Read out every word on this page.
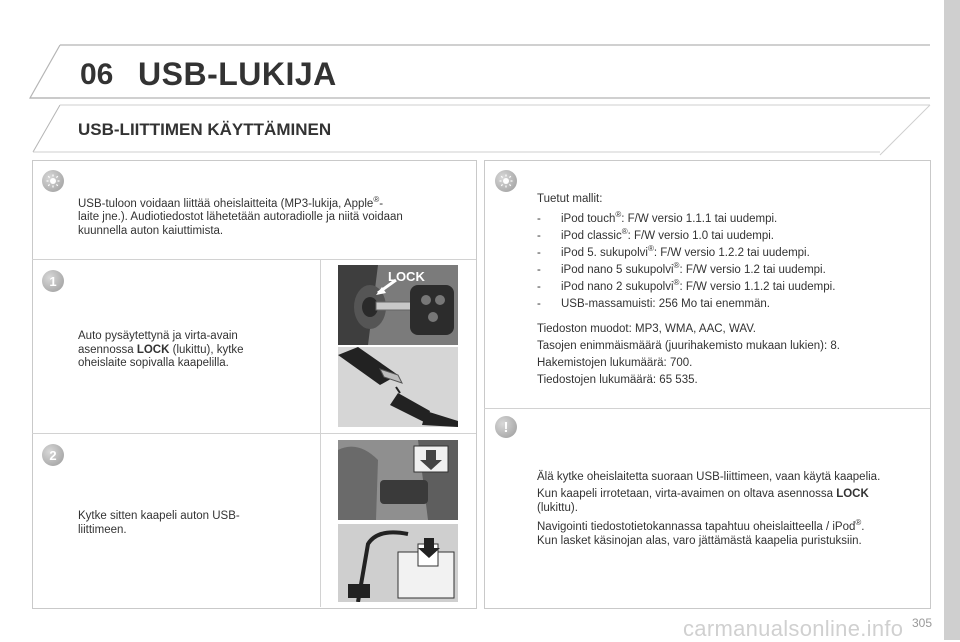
06 USB-LUKIJA
USB-LIITTIMEN KÄYTTÄMINEN
USB-tuloon voidaan liittää oheislaitteita (MP3-lukija, Apple®-
laite jne.). Audiotiedostot lähetetään autoradiolle ja niitä voidaan
kuunnella auton kaiuttimista.
1
Auto pysäytettynä ja virta-avain
asennossa LOCK (lukittu), kytke
oheislaite sopivalla kaapelilla.
LOCK
2
Kytke sitten kaapeli auton USB-
liittimeen.
Tuetut mallit:
- iPod touch®: F/W versio 1.1.1 tai uudempi.
- iPod classic®: F/W versio 1.0 tai uudempi.
- iPod 5. sukupolvi®: F/W versio 1.2.2 tai uudempi.
- iPod nano 5 sukupolvi®: F/W versio 1.2 tai uudempi.
- iPod nano 2 sukupolvi®: F/W versio 1.1.2 tai uudempi.
- USB-massamuisti: 256 Mo tai enemmän.
Tiedoston muodot: MP3, WMA, AAC, WAV.
Tasojen enimmäismäärä (juurihakemisto mukaan lukien): 8.
Hakemistojen lukumäärä: 700.
Tiedostojen lukumäärä: 65 535.
!
Älä kytke oheislaitetta suoraan USB-liittimeen, vaan käytä kaapelia.
Kun kaapeli irrotetaan, virta-avaimen on oltava asennossa LOCK
(lukittu).
Navigointi tiedostotietokannassa tapahtuu oheislaitteella / iPod®.
Kun lasket käsinojan alas, varo jättämästä kaapelia puristuksiin.
carmanualsonline.info 305
